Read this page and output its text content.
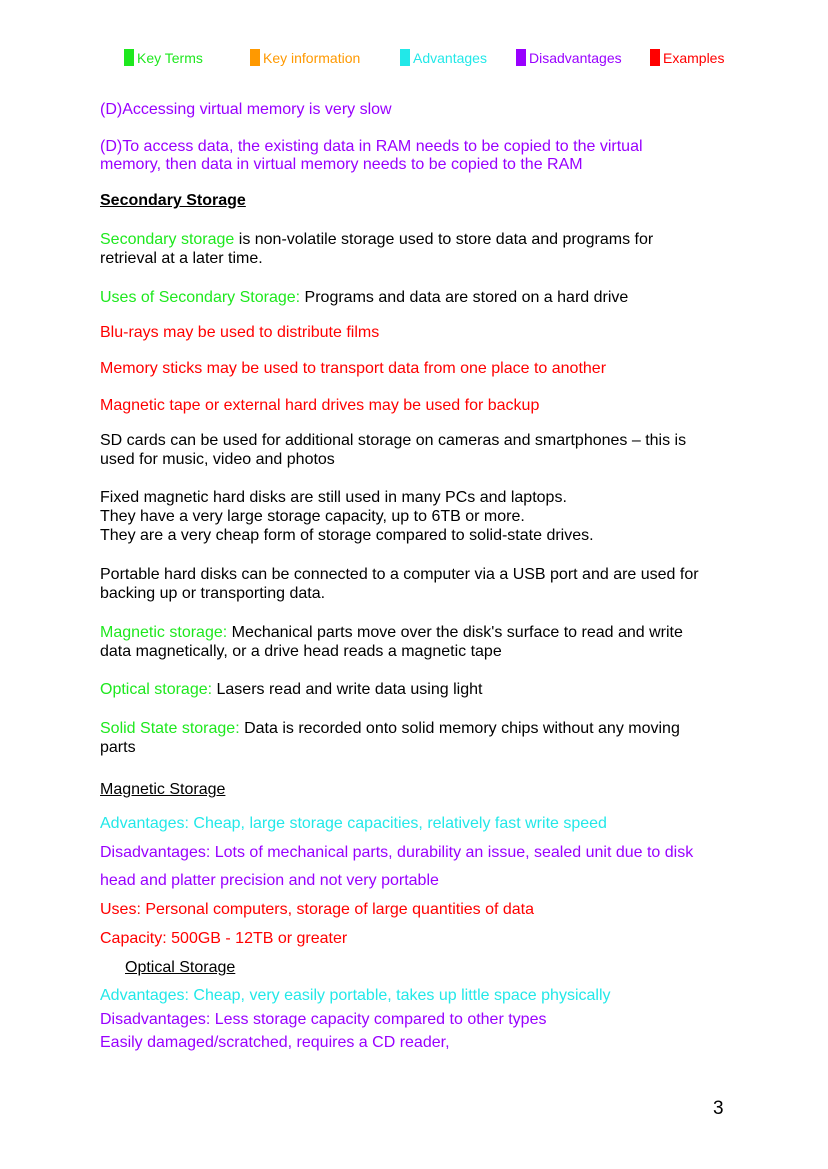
Key Terms	Key information	Advantages	Disadvantages	Examples
(D)Accessing virtual memory is very slow
(D)To access data, the existing data in RAM needs to be copied to the virtual
memory, then data in virtual memory needs to be copied to the RAM
Secondary Storage
Secondary storage is non-volatile storage used to store data and programs for
retrieval at a later time.
Uses of Secondary Storage: Programs and data are stored on a hard drive
Blu-rays may be used to distribute films
Memory sticks may be used to transport data from one place to another
Magnetic tape or external hard drives may be used for backup
SD cards can be used for additional storage on cameras and smartphones – this is
used for music, video and photos
Fixed magnetic hard disks are still used in many PCs and laptops.
They have a very large storage capacity, up to 6TB or more.
They are a very cheap form of storage compared to solid-state drives.
Portable hard disks can be connected to a computer via a USB port and are used for
backing up or transporting data.
Magnetic storage: Mechanical parts move over the disk's surface to read and write
data magnetically, or a drive head reads a magnetic tape
Optical storage: Lasers read and write data using light
Solid State storage: Data is recorded onto solid memory chips without any moving
parts
Magnetic Storage
Advantages: Cheap, large storage capacities, relatively fast write speed
Disadvantages: Lots of mechanical parts, durability an issue, sealed unit due to disk
head and platter precision and not very portable
Uses: Personal computers, storage of large quantities of data
Capacity: 500GB - 12TB or greater
Optical Storage
Advantages: Cheap, very easily portable, takes up little space physically
Disadvantages: Less storage capacity compared to other types
Easily damaged/scratched, requires a CD reader,
3
